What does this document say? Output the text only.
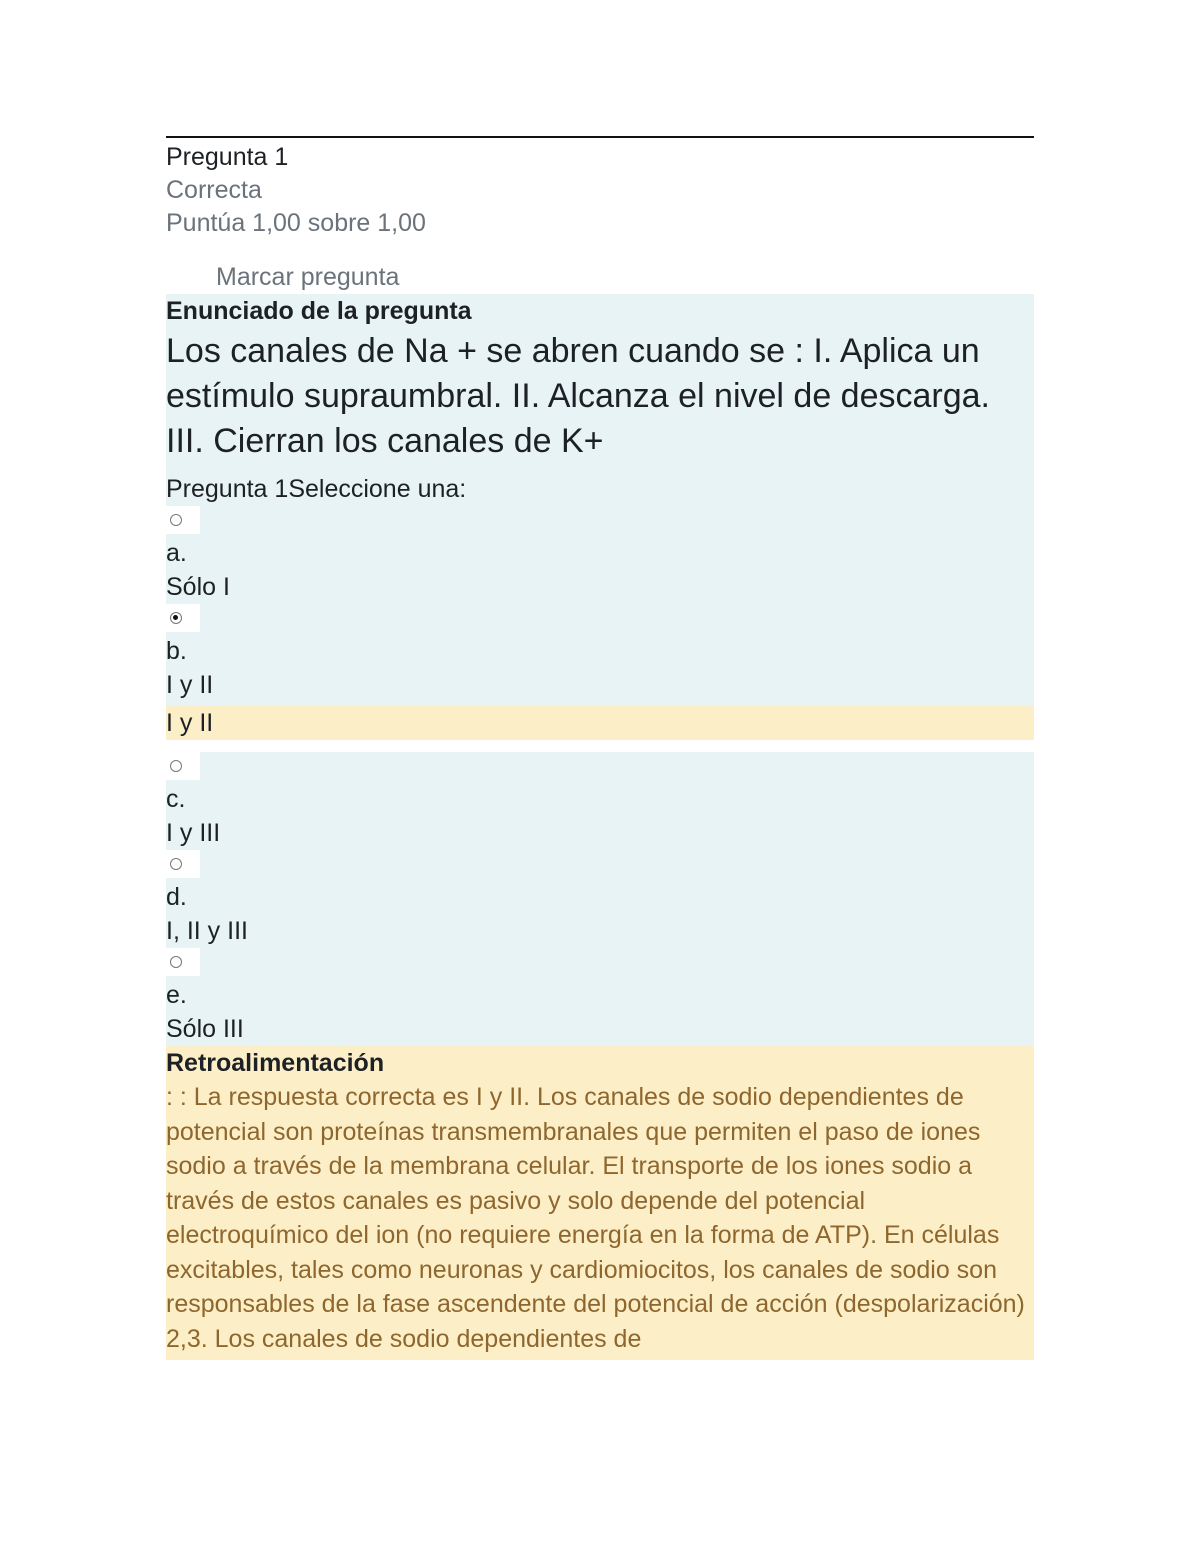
Pregunta 1
Correcta
Puntúa 1,00 sobre 1,00
Marcar pregunta
Enunciado de la pregunta
Los canales de Na + se abren cuando se : I. Aplica un estímulo supraumbral. II. Alcanza el nivel de descarga. III. Cierran los canales de K+
Pregunta 1Seleccione una:
a.
Sólo I
b.
I y II
I y II
c.
I y III
d.
I, II y III
e.
Sólo III
Retroalimentación
: : La respuesta correcta es I y II. Los canales de sodio dependientes de potencial son proteínas transmembranales que permiten el paso de iones sodio a través de la membrana celular. El transporte de los iones sodio a través de estos canales es pasivo y solo depende del potencial electroquímico del ion (no requiere energía en la forma de ATP). En células excitables, tales como neuronas y cardiomiocitos, los canales de sodio son responsables de la fase ascendente del potencial de acción (despolarización) 2,3. Los canales de sodio dependientes de
